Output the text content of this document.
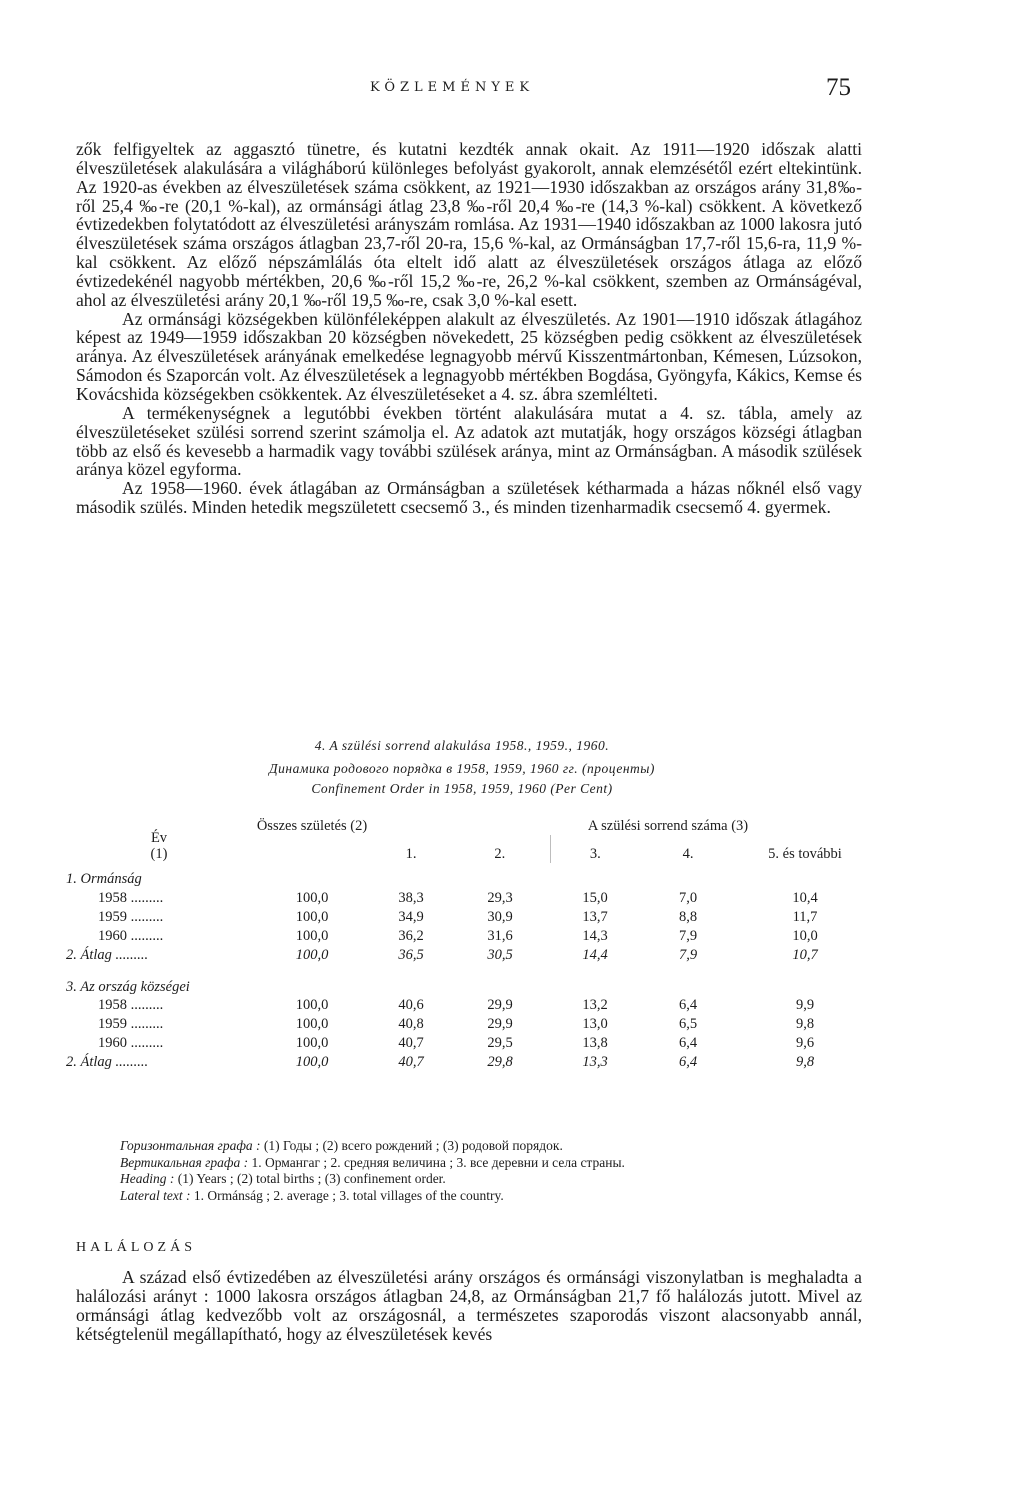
KÖZLEMÉNYEK	75

zők felfigyeltek az aggasztó tünetre, és kutatni kezdték annak okait. Az 1911—1920 időszak alatti élveszületések alakulására a világháború különleges befolyást gyakorolt, annak elemzésétől ezért eltekintünk. Az 1920-as években az élveszületések száma csökkent, az 1921—1930 időszakban az országos arány 31,8‰-ről 25,4 ‰-re (20,1 %-kal), az ormánsági átlag 23,8 ‰-ről 20,4 ‰-re (14,3 %-kal) csökkent. A következő évtizedekben folytatódott az élveszületési arányszám romlása. Az 1931—1940 időszakban az 1000 lakosra jutó élveszületések száma országos átlagban 23,7-ről 20-ra, 15,6 %-kal, az Ormánságban 17,7-ről 15,6-ra, 11,9 %-kal csökkent. Az előző népszámlálás óta eltelt idő alatt az élveszületések országos átlaga az előző évtizedekénél nagyobb mértékben, 20,6 ‰-ről 15,2 ‰-re, 26,2 %-kal csökkent, szemben az Ormánságéval, ahol az élveszületési arány 20,1 ‰-ről 19,5 ‰-re, csak 3,0 %-kal esett.

Az ormánsági községekben különféleképpen alakult az élveszületés. Az 1901—1910 időszak átlagához képest az 1949—1959 időszakban 20 községben növekedett, 25 községben pedig csökkent az élveszületések aránya. Az élveszületések arányának emelkedése legnagyobb mérvű Kisszentmártonban, Kémesen, Lúzsokon, Sámodon és Szaporcán volt. Az élveszületések a legnagyobb mértékben Bogdása, Gyöngyfa, Kákics, Kemse és Kovácshida községekben csökkentek. Az élveszületéseket a 4. sz. ábra szemlélteti.

A termékenységnek a legutóbbi években történt alakulására mutat a 4. sz. tábla, amely az élveszületéseket szülési sorrend szerint számolja el. Az adatok azt mutatják, hogy országos községi átlagban több az első és kevesebb a harmadik vagy további szülések aránya, mint az Ormánságban. A második szülések aránya közel egyforma.

Az 1958—1960. évek átlagában az Ormánságban a születések kétharmada a házas nőknél első vagy második szülés. Minden hetedik megszületett csecsemő 3., és minden tizenharmadik csecsemő 4. gyermek.

4. A szülési sorrend alakulása 1958., 1959., 1960.
Динамика родового порядка в 1958, 1959, 1960 гг. (проценты)
Confinement Order in 1958, 1959, 1960 (Per Cent)
Év
(1)	Összes születés (2)	A szülési sorrend száma (3)				
		1.	2.	3.	4.	5. és további

1. Ormánság						
1958 .........	100,0	38,3	29,3	15,0	7,0	10,4
1959 .........	100,0	34,9	30,9	13,7	8,8	11,7
1960 .........	100,0	36,2	31,6	14,3	7,9	10,0
2. Átlag .........	100,0	36,5	30,5	14,4	7,9	10,7

3. Az ország községei						
1958 .........	100,0	40,6	29,9	13,2	6,4	9,9
1959 .........	100,0	40,8	29,9	13,0	6,5	9,8
1960 .........	100,0	40,7	29,5	13,8	6,4	9,6
2. Átlag .........	100,0	40,7	29,8	13,3	6,4	9,8
Горизонтальная графа : (1) Годы ; (2) всего рождений ; (3) родовой порядок.
Вертикальная графа : 1. Ормангаг ; 2. средняя величина ; 3. все деревни и села страны.
Heading : (1) Years ; (2) total births ; (3) confinement order.
Lateral text : 1. Ormánság ; 2. average ; 3. total villages of the country.
HALÁLOZÁS

A század első évtizedében az élveszületési arány országos és ormánsági viszonylatban is meghaladta a halálozási arányt : 1000 lakosra országos átlagban 24,8, az Ormánságban 21,7 fő halálozás jutott. Mivel az ormánsági átlag kedvezőbb volt az országosnál, a természetes szaporodás viszont alacsonyabb annál, kétségtelenül megállapítható, hogy az élveszületések kevés
